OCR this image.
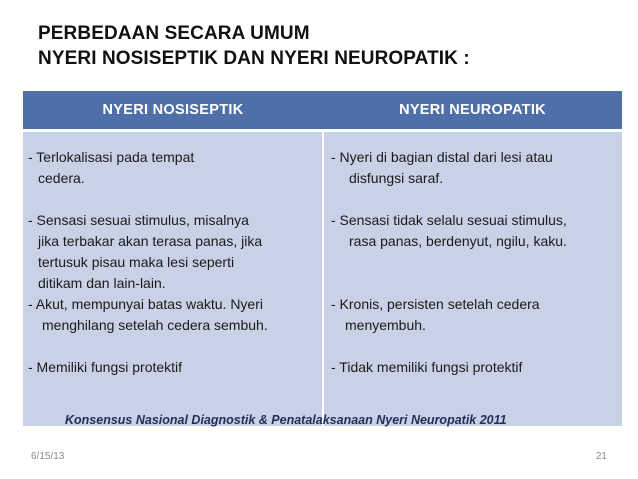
PERBEDAAN SECARA UMUM
NYERI NOSISEPTIK DAN NYERI NEUROPATIK :
NYERI NOSISEPTIK	NYERI NEUROPATIK
- Terlokalisasi pada tempat
cedera.
- Sensasi sesuai stimulus, misalnya
jika terbakar akan terasa panas, jika
tertusuk pisau maka lesi seperti
ditikam dan lain-lain.
- Akut, mempunyai batas waktu. Nyeri
menghilang setelah cedera sembuh.
- Memiliki fungsi protektif
- Nyeri di bagian distal dari lesi atau
disfungsi saraf.
- Sensasi tidak selalu sesuai stimulus,
rasa panas, berdenyut, ngilu, kaku.
- Kronis, persisten setelah cedera
menyembuh.
- Tidak memiliki fungsi protektif
Konsensus Nasional Diagnostik & Penatalaksanaan Nyeri Neuropatik 2011
6/15/13	21
